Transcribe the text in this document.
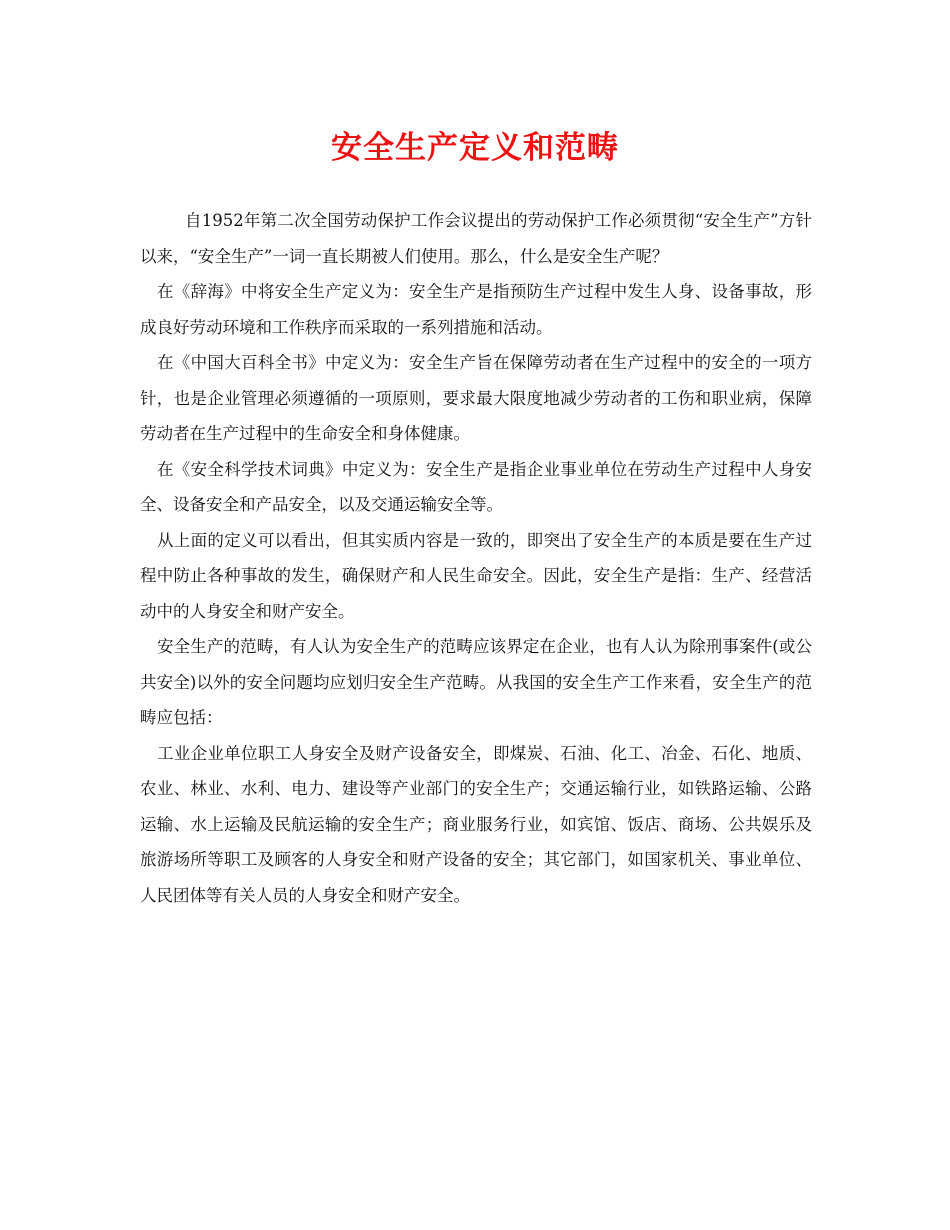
安全生产定义和范畴

自1952年第二次全国劳动保护工作会议提出的劳动保护工作必须贯彻“安全生产”方针以来，“安全生产”一词一直长期被人们使用。那么，什么是安全生产呢？

在《辞海》中将安全生产定义为：安全生产是指预防生产过程中发生人身、设备事故，形成良好劳动环境和工作秩序而采取的一系列措施和活动。

在《中国大百科全书》中定义为：安全生产旨在保障劳动者在生产过程中的安全的一项方针，也是企业管理必须遵循的一项原则，要求最大限度地减少劳动者的工伤和职业病，保障劳动者在生产过程中的生命安全和身体健康。

在《安全科学技术词典》中定义为：安全生产是指企业事业单位在劳动生产过程中人身安全、设备安全和产品安全，以及交通运输安全等。

从上面的定义可以看出，但其实质内容是一致的，即突出了安全生产的本质是要在生产过程中防止各种事故的发生，确保财产和人民生命安全。因此，安全生产是指：生产、经营活动中的人身安全和财产安全。

安全生产的范畴，有人认为安全生产的范畴应该界定在企业，也有人认为除刑事案件(或公共安全)以外的安全问题均应划归安全生产范畴。从我国的安全生产工作来看，安全生产的范畴应包括：

工业企业单位职工人身安全及财产设备安全，即煤炭、石油、化工、冶金、石化、地质、农业、林业、水利、电力、建设等产业部门的安全生产；交通运输行业，如铁路运输、公路运输、水上运输及民航运输的安全生产；商业服务行业，如宾馆、饭店、商场、公共娱乐及旅游场所等职工及顾客的人身安全和财产设备的安全；其它部门，如国家机关、事业单位、人民团体等有关人员的人身安全和财产安全。
